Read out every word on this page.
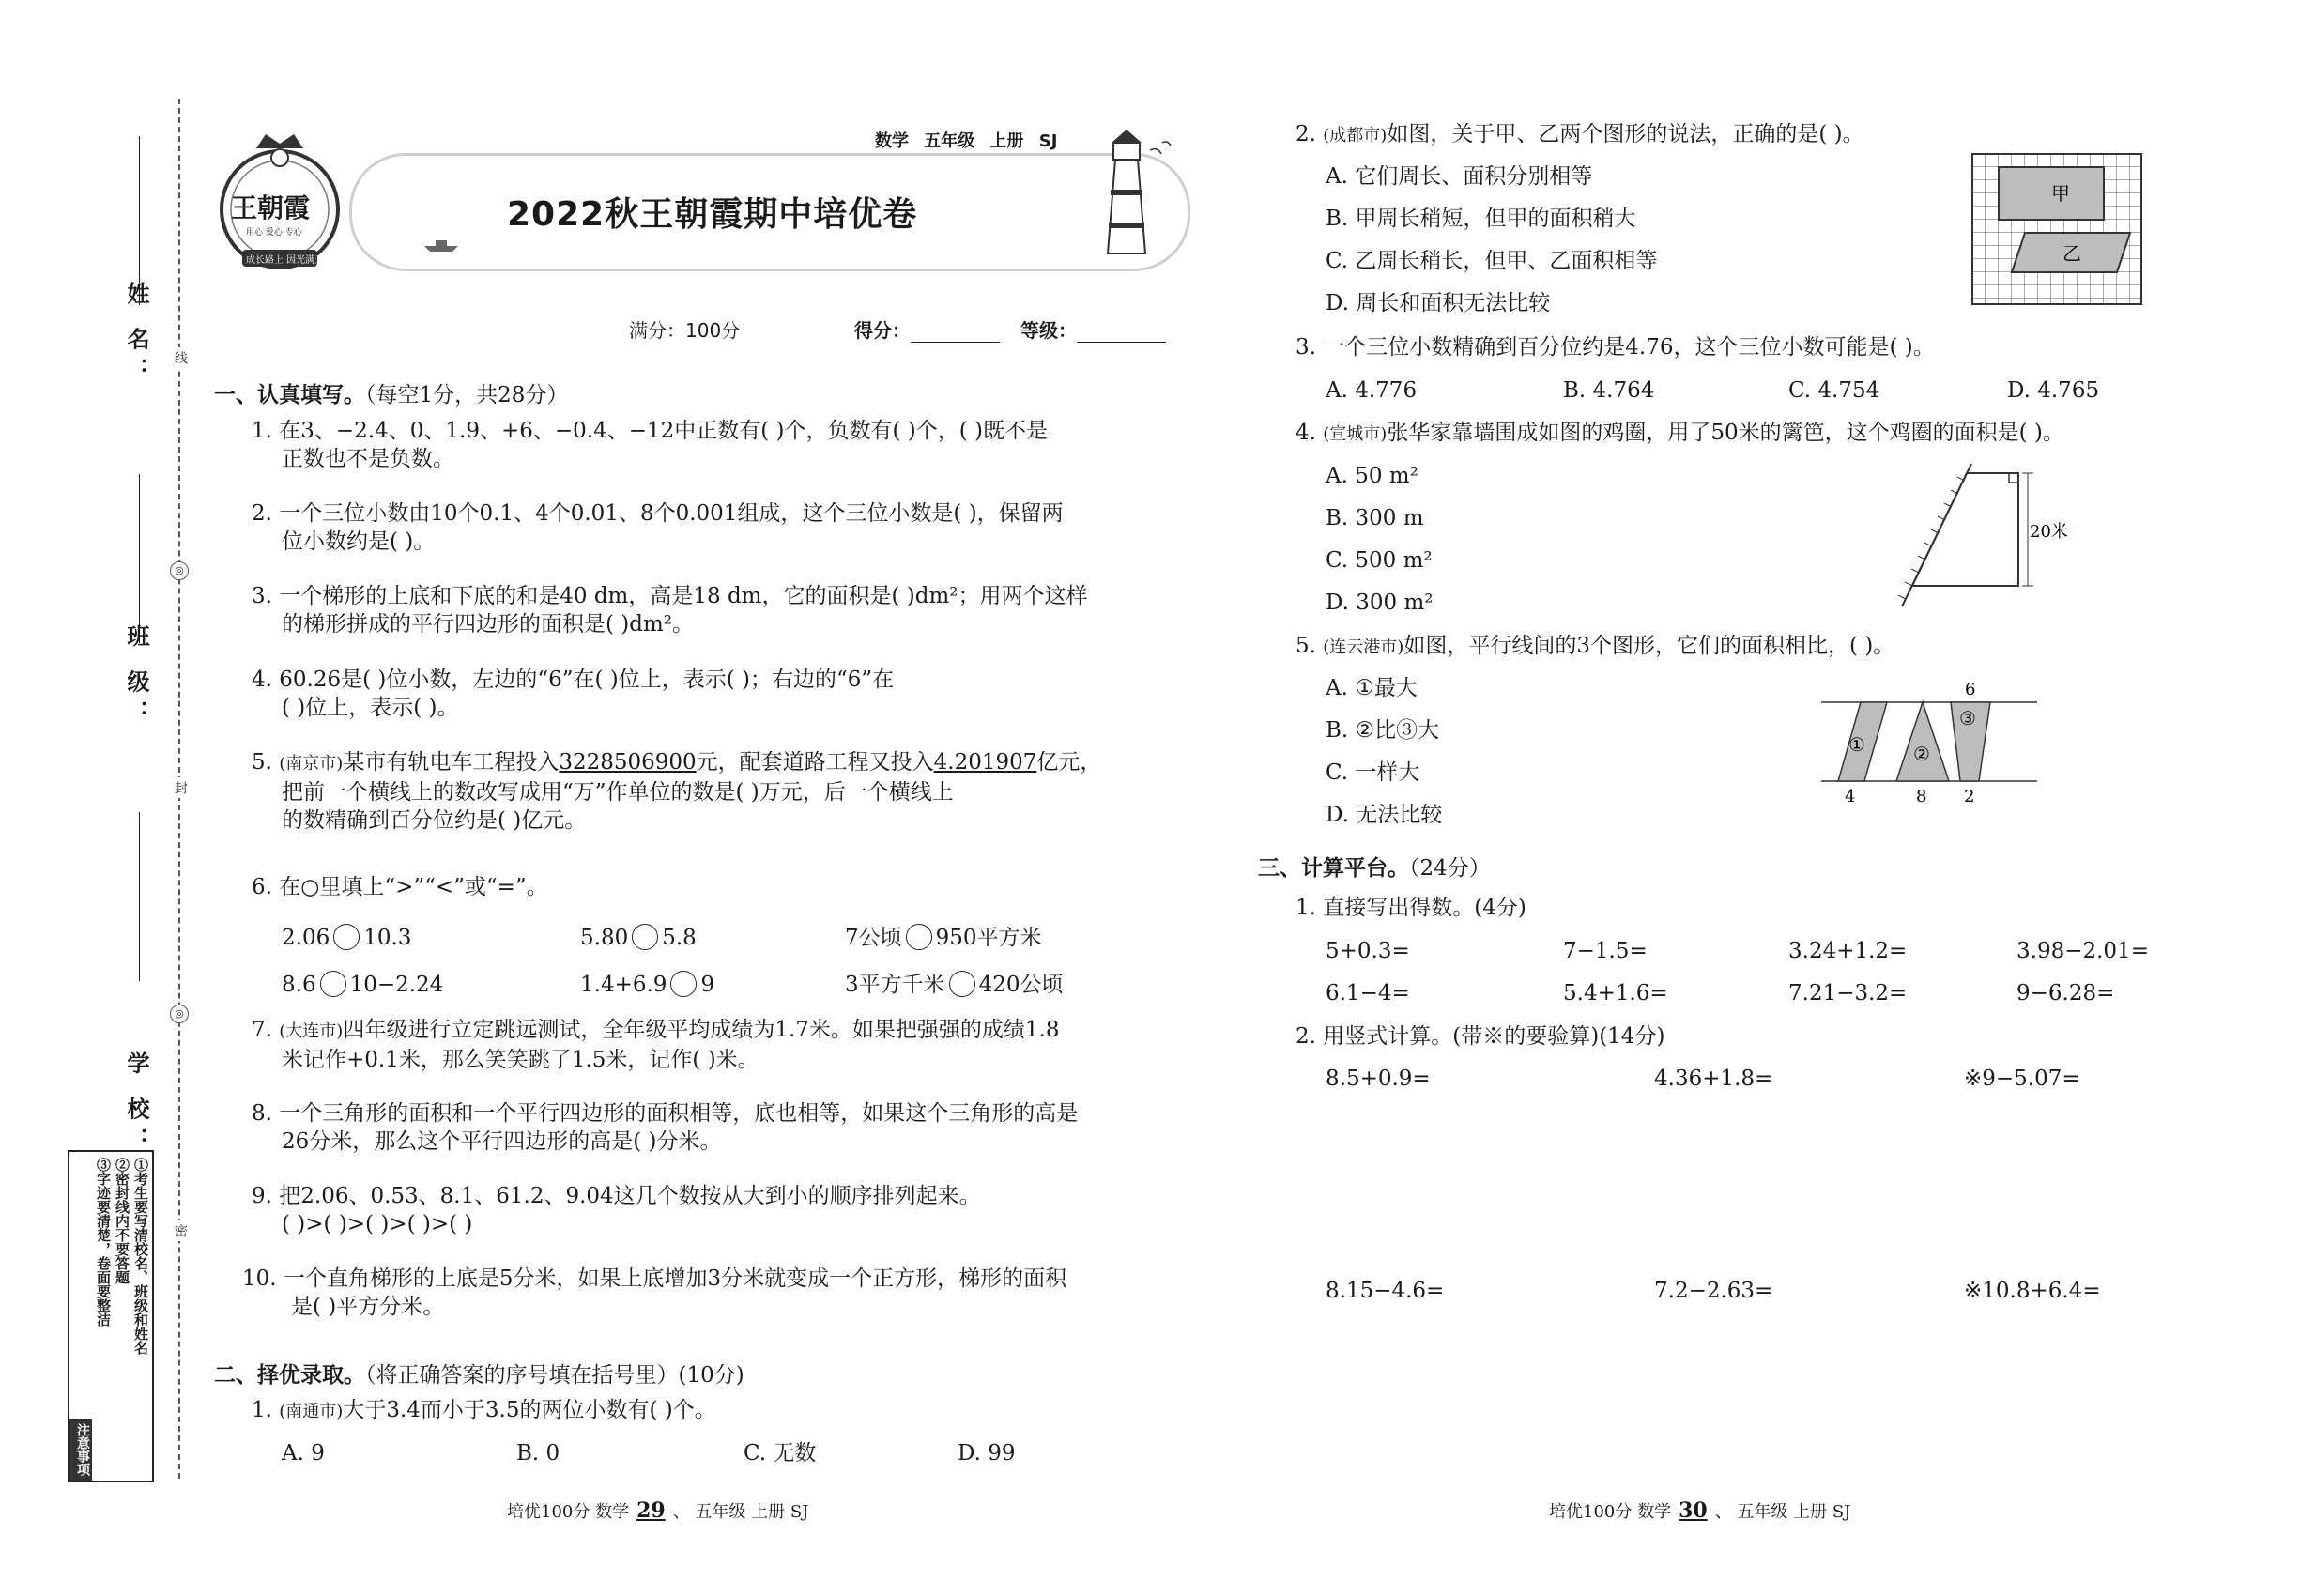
线
◎
封
◎
密
姓 名：
班 级：
学 校：
注意事项
①考生要写清校名、班级和姓名
②密封线内不要答题
③字迹要清楚，卷面要整洁
王朝霞
用心 爱心 专心
成长路上 因光满天
数学 五年级 上册 SJ
2022秋王朝霞期中培优卷
满分：100分	得分：	等级：
一、认真填写。（每空1分，共28分）
1. 在3、−2.4、0、1.9、+6、−0.4、−12中正数有( )个，负数有( )个，( )既不是
正数也不是负数。
2. 一个三位小数由10个0.1、4个0.01、8个0.001组成，这个三位小数是( )，保留两
位小数约是( )。
3. 一个梯形的上底和下底的和是40 dm，高是18 dm，它的面积是( )dm²；用两个这样
的梯形拼成的平行四边形的面积是( )dm²。
4. 60.26是( )位小数，左边的“6”在( )位上，表示( )；右边的“6”在
( )位上，表示( )。
5. (南京市)某市有轨电车工程投入3228506900元，配套道路工程又投入4.201907亿元，
把前一个横线上的数改写成用“万”作单位的数是( )万元，后一个横线上
的数精确到百分位约是( )亿元。
6. 在○里填上“>”“<”或“=”。
2.06 10.3	5.80 5.8	7公顷 950平方米
8.6 10−2.24	1.4+6.9 9	3平方千米 420公顷
7. (大连市)四年级进行立定跳远测试，全年级平均成绩为1.7米。如果把强强的成绩1.8
米记作+0.1米，那么笑笑跳了1.5米，记作( )米。
8. 一个三角形的面积和一个平行四边形的面积相等，底也相等，如果这个三角形的高是
26分米，那么这个平行四边形的高是( )分米。
9. 把2.06、0.53、8.1、61.2、9.04这几个数按从大到小的顺序排列起来。
( )>( )>( )>( )>( )
10. 一个直角梯形的上底是5分米，如果上底增加3分米就变成一个正方形，梯形的面积
是( )平方分米。
二、择优录取。（将正确答案的序号填在括号里）(10分)
1. (南通市)大于3.4而小于3.5的两位小数有( )个。
A. 9	B. 0	C. 无数	D. 99
培优100分 数学 29 、 五年级 上册 SJ
2. (成都市)如图，关于甲、乙两个图形的说法，正确的是( )。
A. 它们周长、面积分别相等
B. 甲周长稍短，但甲的面积稍大
C. 乙周长稍长，但甲、乙面积相等
D. 周长和面积无法比较
甲
乙
3. 一个三位小数精确到百分位约是4.76，这个三位小数可能是( )。
A. 4.776	B. 4.764	C. 4.754	D. 4.765
4. (宣城市)张华家靠墙围成如图的鸡圈，用了50米的篱笆，这个鸡圈的面积是( )。
A. 50 m²
B. 300 m
C. 500 m²
D. 300 m²
20米
5. (连云港市)如图，平行线间的3个图形，它们的面积相比，( )。
A. ①最大
B. ②比③大
C. 一样大
D. 无法比较
①	②
③
6
4	8 2
三、计算平台。（24分）
1. 直接写出得数。(4分)
5+0.3=	7−1.5=	3.24+1.2=	3.98−2.01=
6.1−4=	5.4+1.6=	7.21−3.2=	9−6.28=
2. 用竖式计算。(带※的要验算)(14分)
8.5+0.9=	4.36+1.8=	※9−5.07=
8.15−4.6=	7.2−2.63=	※10.8+6.4=
培优100分 数学 30 、 五年级 上册 SJ
